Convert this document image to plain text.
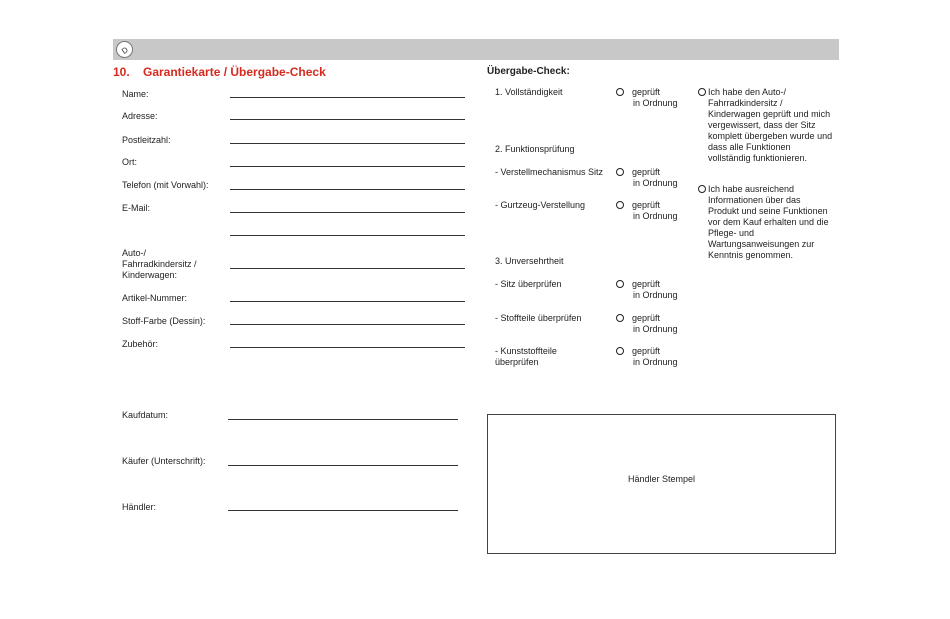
D
10. Garantiekarte / Übergabe-Check
Name:
Adresse:
Postleitzahl:
Ort:
Telefon (mit Vorwahl):
E-Mail:
Auto-/ Fahrradkindersitz / Kinderwagen:
Artikel-Nummer:
Stoff-Farbe (Dessin):
Zubehör:
Kaufdatum:
Käufer (Unterschrift):
Händler:
Übergabe-Check:
1. Vollständigkeit	geprüft
in Ordnung
2. Funktionsprüfung
- Verstellmechanismus Sitz	geprüft
in Ordnung
- Gurtzeug-Verstellung	geprüft
in Ordnung
3. Unversehrtheit
- Sitz überprüfen	geprüft
in Ordnung
- Stoffteile überprüfen	geprüft
in Ordnung
- Kunststoffteile überprüfen
geprüft
in Ordnung
Ich habe den Auto-/ Fahrradkindersitz / Kinderwagen geprüft und mich vergewissert, dass der Sitz komplett übergeben wurde und dass alle Funktionen vollständig funktionieren.
Ich habe ausreichend Informationen über das Produkt und seine Funktionen vor dem Kauf erhalten und die Pflege- und Wartungsanweisungen zur Kenntnis genommen.
Händler Stempel
